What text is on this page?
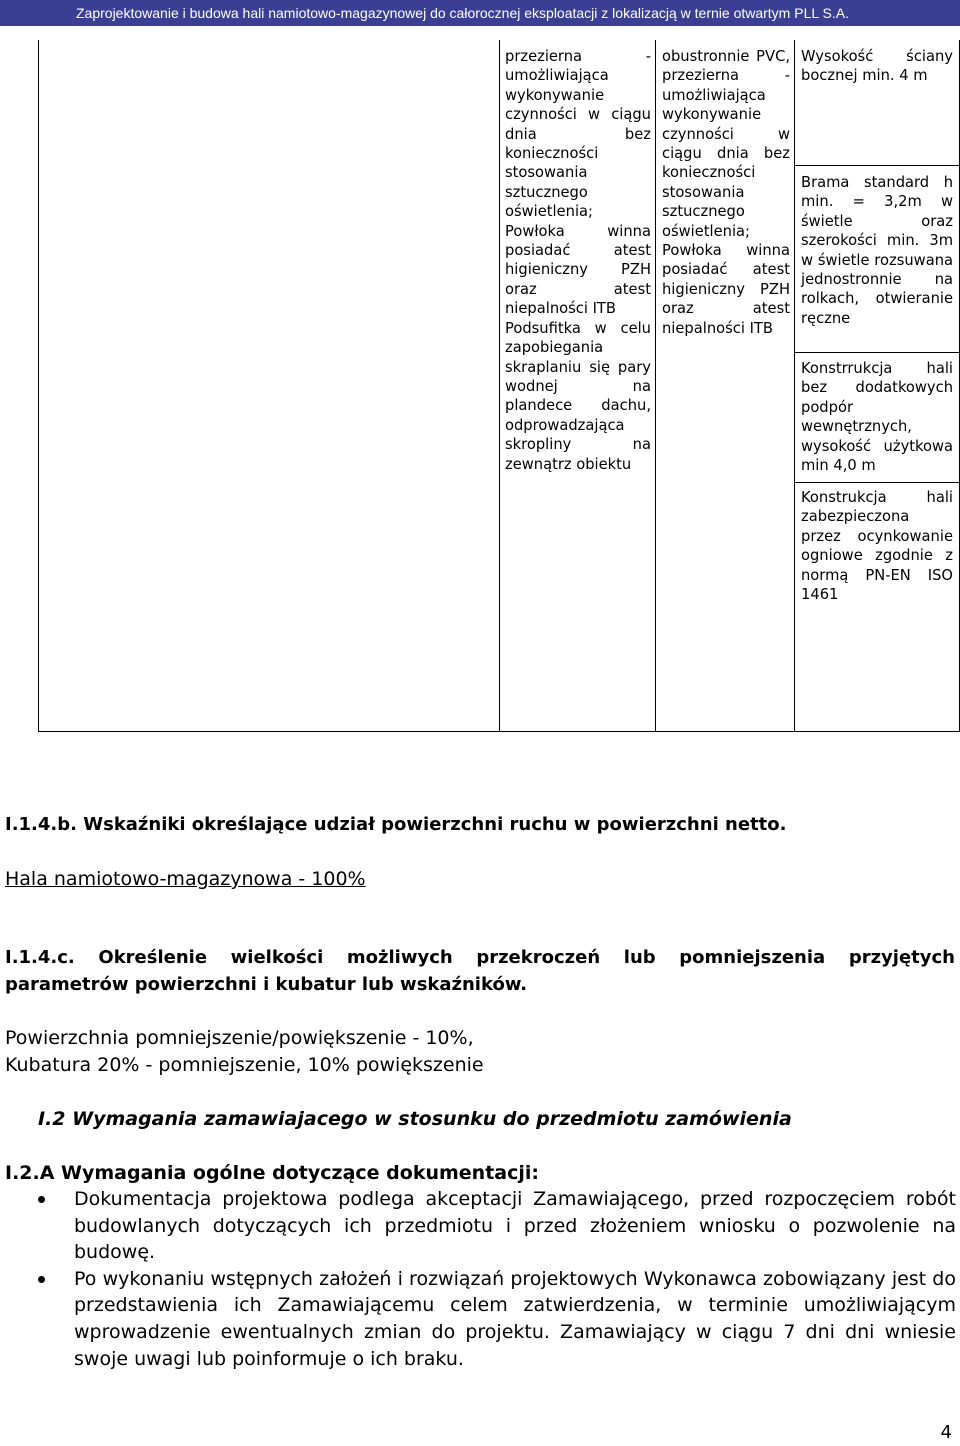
Zaprojektowanie i budowa hali namiotowo-magazynowej do całorocznej eksploatacji z lokalizacją w ternie otwartym PLL S.A.

przezierna - umożliwiająca wykonywanie czynności w ciągu dnia bez konieczności stosowania sztucznego oświetlenia;

Powłoka winna posiadać atest higieniczny PZH oraz atest niepalności ITB

Podsufitka w celu zapobiegania skraplaniu się pary wodnej na plandece dachu, odprowadzająca skropliny na zewnątrz obiektu

obustronnie PVC, przezierna - umożliwiająca wykonywanie czynności w ciągu dnia bez konieczności stosowania sztucznego oświetlenia;

Powłoka winna posiadać atest higieniczny PZH oraz atest niepalności ITB

Wysokość ściany bocznej min. 4 m

Brama standard h min. = 3,2m w świetle oraz szerokości min. 3m w świetle rozsuwana jednostronnie na rolkach, otwieranie ręczne

Konstrrukcja hali bez dodatkowych podpór wewnętrznych, wysokość użytkowa min 4,0 m

Konstrukcja hali zabezpieczona przez ocynkowanie ogniowe zgodnie z normą PN-EN ISO 1461

I.1.4.b. Wskaźniki określające udział powierzchni ruchu w powierzchni netto.

Hala namiotowo-magazynowa - 100%

I.1.4.c. Określenie wielkości możliwych przekroczeń lub pomniejszenia przyjętych

parametrów powierzchni i kubatur lub wskaźników.

Powierzchnia pomniejszenie/powiększenie - 10%,

Kubatura 20% - pomniejszenie, 10% powiększenie

I.2 Wymagania zamawiajacego w stosunku do przedmiotu zamówienia

I.2.A Wymagania ogólne dotyczące dokumentacji:

Dokumentacja projektowa podlega akceptacji Zamawiającego, przed rozpoczęciem robót budowlanych dotyczących ich przedmiotu i przed złożeniem wniosku o pozwolenie na budowę.
Po wykonaniu wstępnych założeń i rozwiązań projektowych Wykonawca zobowiązany jest do przedstawienia ich Zamawiającemu celem zatwierdzenia, w terminie umożliwiającym wprowadzenie ewentualnych zmian do projektu. Zamawiający w ciągu 7 dni dni wniesie swoje uwagi lub poinformuje o ich braku.
4
